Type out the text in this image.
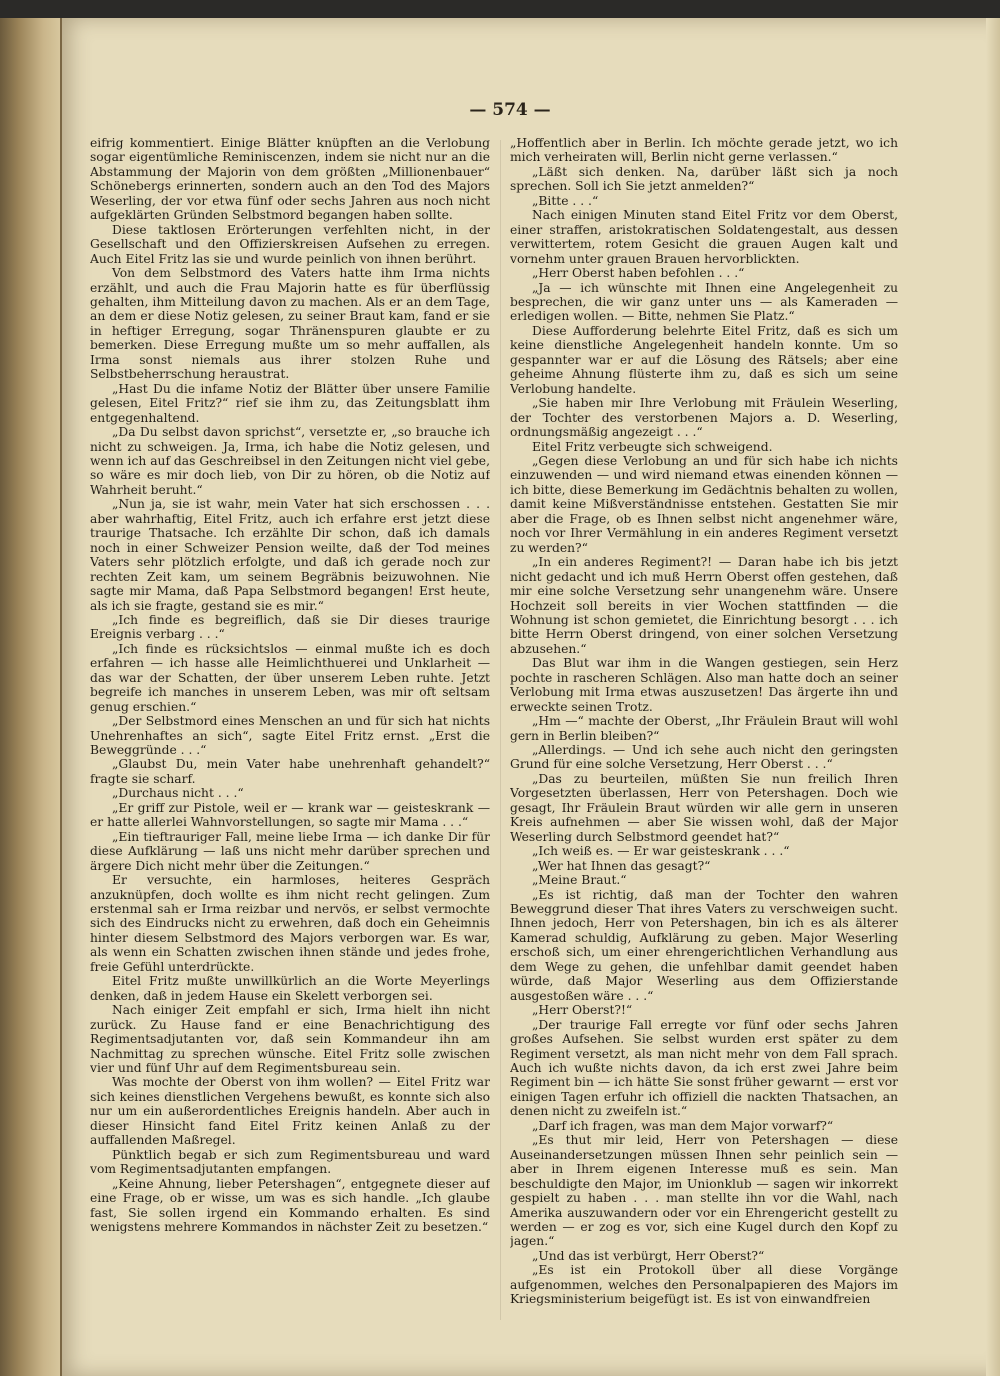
— 574 —

eifrig kommentiert. Einige Blätter knüpften an die Verlobung sogar eigentümliche Reminiscenzen, indem sie nicht nur an die Abstammung der Majorin von dem größten „Millionenbauer“ Schönebergs erinnerten, sondern auch an den Tod des Majors Weserling, der vor etwa fünf oder sechs Jahren aus noch nicht aufgeklärten Gründen Selbstmord begangen haben sollte.

Diese taktlosen Erörterungen verfehlten nicht, in der Gesellschaft und den Offizierskreisen Aufsehen zu erregen. Auch Eitel Fritz las sie und wurde peinlich von ihnen berührt.

Von dem Selbstmord des Vaters hatte ihm Irma nichts erzählt, und auch die Frau Majorin hatte es für überflüssig gehalten, ihm Mitteilung davon zu machen. Als er an dem Tage, an dem er diese Notiz gelesen, zu seiner Braut kam, fand er sie in heftiger Erregung, sogar Thränenspuren glaubte er zu bemerken. Diese Erregung mußte um so mehr auffallen, als Irma sonst niemals aus ihrer stolzen Ruhe und Selbstbeherrschung heraustrat.

„Hast Du die infame Notiz der Blätter über unsere Familie gelesen, Eitel Fritz?“ rief sie ihm zu, das Zeitungsblatt ihm entgegenhaltend.

„Da Du selbst davon sprichst“, versetzte er, „so brauche ich nicht zu schweigen. Ja, Irma, ich habe die Notiz gelesen, und wenn ich auf das Geschreibsel in den Zeitungen nicht viel gebe, so wäre es mir doch lieb, von Dir zu hören, ob die Notiz auf Wahrheit beruht.“

„Nun ja, sie ist wahr, mein Vater hat sich erschossen . . . aber wahrhaftig, Eitel Fritz, auch ich erfahre erst jetzt diese traurige Thatsache. Ich erzählte Dir schon, daß ich damals noch in einer Schweizer Pension weilte, daß der Tod meines Vaters sehr plötzlich erfolgte, und daß ich gerade noch zur rechten Zeit kam, um seinem Begräbnis beizuwohnen. Nie sagte mir Mama, daß Papa Selbstmord begangen! Erst heute, als ich sie fragte, gestand sie es mir.“

„Ich finde es begreiflich, daß sie Dir dieses traurige Ereignis verbarg . . .“

„Ich finde es rücksichtslos — einmal mußte ich es doch erfahren — ich hasse alle Heimlichthuerei und Unklarheit — das war der Schatten, der über unserem Leben ruhte. Jetzt begreife ich manches in unserem Leben, was mir oft seltsam genug erschien.“

„Der Selbstmord eines Menschen an und für sich hat nichts Unehrenhaftes an sich“, sagte Eitel Fritz ernst. „Erst die Beweggründe . . .“

„Glaubst Du, mein Vater habe unehrenhaft gehandelt?“ fragte sie scharf.

„Durchaus nicht . . .“

„Er griff zur Pistole, weil er — krank war — geisteskrank — er hatte allerlei Wahnvorstellungen, so sagte mir Mama . . .“

„Ein tieftrauriger Fall, meine liebe Irma — ich danke Dir für diese Aufklärung — laß uns nicht mehr darüber sprechen und ärgere Dich nicht mehr über die Zeitungen.“

Er versuchte, ein harmloses, heiteres Gespräch anzuknüpfen, doch wollte es ihm nicht recht gelingen. Zum erstenmal sah er Irma reizbar und nervös, er selbst vermochte sich des Eindrucks nicht zu erwehren, daß doch ein Geheimnis hinter diesem Selbstmord des Majors verborgen war. Es war, als wenn ein Schatten zwischen ihnen stände und jedes frohe, freie Gefühl unterdrückte.

Eitel Fritz mußte unwillkürlich an die Worte Meyerlings denken, daß in jedem Hause ein Skelett verborgen sei.

Nach einiger Zeit empfahl er sich, Irma hielt ihn nicht zurück. Zu Hause fand er eine Benachrichtigung des Regimentsadjutanten vor, daß sein Kommandeur ihn am Nachmittag zu sprechen wünsche. Eitel Fritz solle zwischen vier und fünf Uhr auf dem Regimentsbureau sein.

Was mochte der Oberst von ihm wollen? — Eitel Fritz war sich keines dienstlichen Vergehens bewußt, es konnte sich also nur um ein außerordentliches Ereignis handeln. Aber auch in dieser Hinsicht fand Eitel Fritz keinen Anlaß zu der auffallenden Maßregel.

Pünktlich begab er sich zum Regimentsbureau und ward vom Regimentsadjutanten empfangen.

„Keine Ahnung, lieber Petershagen“, entgegnete dieser auf eine Frage, ob er wisse, um was es sich handle. „Ich glaube fast, Sie sollen irgend ein Kommando erhalten. Es sind wenigstens mehrere Kommandos in nächster Zeit zu besetzen.“

„Hoffentlich aber in Berlin. Ich möchte gerade jetzt, wo ich mich verheiraten will, Berlin nicht gerne verlassen.“

„Läßt sich denken. Na, darüber läßt sich ja noch sprechen. Soll ich Sie jetzt anmelden?“

„Bitte . . .“

Nach einigen Minuten stand Eitel Fritz vor dem Oberst, einer straffen, aristokratischen Soldatengestalt, aus dessen verwittertem, rotem Gesicht die grauen Augen kalt und vornehm unter grauen Brauen hervorblickten.

„Herr Oberst haben befohlen . . .“

„Ja — ich wünschte mit Ihnen eine Angelegenheit zu besprechen, die wir ganz unter uns — als Kameraden — erledigen wollen. — Bitte, nehmen Sie Platz.“

Diese Aufforderung belehrte Eitel Fritz, daß es sich um keine dienstliche Angelegenheit handeln konnte. Um so gespannter war er auf die Lösung des Rätsels; aber eine geheime Ahnung flüsterte ihm zu, daß es sich um seine Verlobung handelte.

„Sie haben mir Ihre Verlobung mit Fräulein Weserling, der Tochter des verstorbenen Majors a. D. Weserling, ordnungsmäßig angezeigt . . .“

Eitel Fritz verbeugte sich schweigend.

„Gegen diese Verlobung an und für sich habe ich nichts einzuwenden — und wird niemand etwas einenden können — ich bitte, diese Bemerkung im Gedächtnis behalten zu wollen, damit keine Mißverständnisse entstehen. Gestatten Sie mir aber die Frage, ob es Ihnen selbst nicht angenehmer wäre, noch vor Ihrer Vermählung in ein anderes Regiment versetzt zu werden?“

„In ein anderes Regiment?! — Daran habe ich bis jetzt nicht gedacht und ich muß Herrn Oberst offen gestehen, daß mir eine solche Versetzung sehr unangenehm wäre. Unsere Hochzeit soll bereits in vier Wochen stattfinden — die Wohnung ist schon gemietet, die Einrichtung besorgt . . . ich bitte Herrn Oberst dringend, von einer solchen Versetzung abzusehen.“

Das Blut war ihm in die Wangen gestiegen, sein Herz pochte in rascheren Schlägen. Also man hatte doch an seiner Verlobung mit Irma etwas auszusetzen! Das ärgerte ihn und erweckte seinen Trotz.

„Hm —“ machte der Oberst, „Ihr Fräulein Braut will wohl gern in Berlin bleiben?“

„Allerdings. — Und ich sehe auch nicht den geringsten Grund für eine solche Versetzung, Herr Oberst . . .“

„Das zu beurteilen, müßten Sie nun freilich Ihren Vorgesetzten überlassen, Herr von Petershagen. Doch wie gesagt, Ihr Fräulein Braut würden wir alle gern in unseren Kreis aufnehmen — aber Sie wissen wohl, daß der Major Weserling durch Selbstmord geendet hat?“

„Ich weiß es. — Er war geisteskrank . . .“

„Wer hat Ihnen das gesagt?“

„Meine Braut.“

„Es ist richtig, daß man der Tochter den wahren Beweggrund dieser That ihres Vaters zu verschweigen sucht. Ihnen jedoch, Herr von Petershagen, bin ich es als älterer Kamerad schuldig, Aufklärung zu geben. Major Weserling erschoß sich, um einer ehrengerichtlichen Verhandlung aus dem Wege zu gehen, die unfehlbar damit geendet haben würde, daß Major Weserling aus dem Offizierstande ausgestoßen wäre . . .“

„Herr Oberst?!“

„Der traurige Fall erregte vor fünf oder sechs Jahren großes Aufsehen. Sie selbst wurden erst später zu dem Regiment versetzt, als man nicht mehr von dem Fall sprach. Auch ich wußte nichts davon, da ich erst zwei Jahre beim Regiment bin — ich hätte Sie sonst früher gewarnt — erst vor einigen Tagen erfuhr ich offiziell die nackten Thatsachen, an denen nicht zu zweifeln ist.“

„Darf ich fragen, was man dem Major vorwarf?“

„Es thut mir leid, Herr von Petershagen — diese Auseinandersetzungen müssen Ihnen sehr peinlich sein — aber in Ihrem eigenen Interesse muß es sein. Man beschuldigte den Major, im Unionklub — sagen wir inkorrekt gespielt zu haben . . . man stellte ihn vor die Wahl, nach Amerika auszuwandern oder vor ein Ehrengericht gestellt zu werden — er zog es vor, sich eine Kugel durch den Kopf zu jagen.“

„Und das ist verbürgt, Herr Oberst?“

„Es ist ein Protokoll über all diese Vorgänge aufgenommen, welches den Personalpapieren des Majors im Kriegsministerium beigefügt ist. Es ist von einwandfreien
